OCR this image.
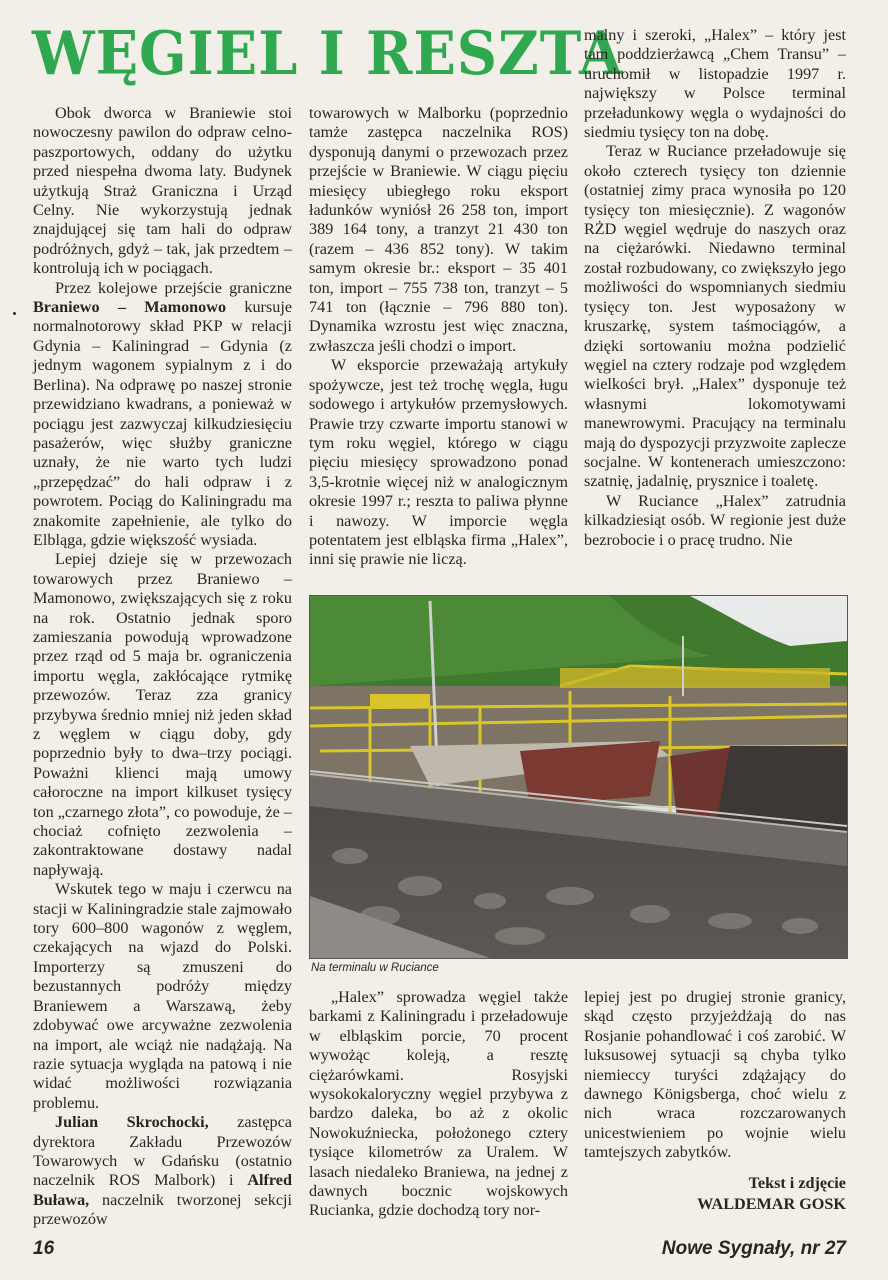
WĘGIEL I RESZTA

Obok dworca w Braniewie stoi nowoczesny pawilon do odpraw celno-paszportowych, oddany do użytku przed niespełna dwoma laty. Budynek użytkują Straż Graniczna i Urząd Celny. Nie wykorzystują jednak znajdującej się tam hali do odpraw podróżnych, gdyż – tak, jak przedtem – kontrolują ich w pociągach.

Przez kolejowe przejście graniczne Braniewo – Mamonowo kursuje normalnotorowy skład PKP w relacji Gdynia – Kaliningrad – Gdynia (z jednym wagonem sypialnym z i do Berlina). Na odprawę po naszej stronie przewidziano kwadrans, a ponieważ w pociągu jest zazwyczaj kilkudziesięciu pasażerów, więc służby graniczne uznały, że nie warto tych ludzi „przepędzać” do hali odpraw i z powrotem. Pociąg do Kaliningradu ma znakomite zapełnienie, ale tylko do Elbląga, gdzie większość wysiada.

Lepiej dzieje się w przewozach towarowych przez Braniewo – Mamonowo, zwiększających się z roku na rok. Ostatnio jednak sporo zamieszania powodują wprowadzone przez rząd od 5 maja br. ograniczenia importu węgla, zakłócające rytmikę przewozów. Teraz zza granicy przybywa średnio mniej niż jeden skład z węglem w ciągu doby, gdy poprzednio były to dwa–trzy pociągi. Poważni klienci mają umowy całoroczne na import kilkuset tysięcy ton „czarnego złota”, co powoduje, że – chociaż cofnięto zezwolenia – zakontraktowane dostawy nadal napływają.

Wskutek tego w maju i czerwcu na stacji w Kaliningradzie stale zajmowało tory 600–800 wagonów z węglem, czekających na wjazd do Polski. Importerzy są zmuszeni do bezustannych podróży między Braniewem a Warszawą, żeby zdobywać owe arcyważne zezwolenia na import, ale wciąż nie nadążają. Na razie sytuacja wygląda na patową i nie widać możliwości rozwiązania problemu.

Julian Skrochocki, zastępca dyrektora Zakładu Przewozów Towarowych w Gdańsku (ostatnio naczelnik ROS Malbork) i Alfred Buława, naczelnik tworzonej sekcji przewozów

towarowych w Malborku (poprzednio tamże zastępca naczelnika ROS) dysponują danymi o przewozach przez przejście w Braniewie. W ciągu pięciu miesięcy ubiegłego roku eksport ładunków wyniósł 26 258 ton, import 389 164 tony, a tranzyt 21 430 ton (razem – 436 852 tony). W takim samym okresie br.: eksport – 35 401 ton, import – 755 738 ton, tranzyt – 5 741 ton (łącznie – 796 880 ton). Dynamika wzrostu jest więc znaczna, zwłaszcza jeśli chodzi o import.

W eksporcie przeważają artykuły spożywcze, jest też trochę węgla, ługu sodowego i artykułów przemysłowych. Prawie trzy czwarte importu stanowi w tym roku węgiel, którego w ciągu pięciu miesięcy sprowadzono ponad 3,5-krotnie więcej niż w analogicznym okresie 1997 r.; reszta to paliwa płynne i nawozy. W imporcie węgla potentatem jest elbląska firma „Halex”, inni się prawie nie liczą.

malny i szeroki, „Halex” – który jest tam poddzierżawcą „Chem Transu” – uruchomił w listopadzie 1997 r. największy w Polsce terminal przeładunkowy węgla o wydajności do siedmiu tysięcy ton na dobę.

Teraz w Ruciance przeładowuje się około czterech tysięcy ton dziennie (ostatniej zimy praca wynosiła po 120 tysięcy ton miesięcznie). Z wagonów RŻD węgiel wędruje do naszych oraz na ciężarówki. Niedawno terminal został rozbudowany, co zwiększyło jego możliwości do wspomnianych siedmiu tysięcy ton. Jest wyposażony w kruszarkę, system taśmociągów, a dzięki sortowaniu można podzielić węgiel na cztery rodzaje pod względem wielkości brył. „Halex” dysponuje też własnymi lokomotywami manewrowymi. Pracujący na terminalu mają do dyspozycji przyzwoite zaplecze socjalne. W kontenerach umieszczono: szatnię, jadalnię, prysznice i toaletę.

W Ruciance „Halex” zatrudnia kilkadziesiąt osób. W regionie jest duże bezrobocie i o pracę trudno. Nie

Na terminalu w Ruciance

„Halex” sprowadza węgiel także barkami z Kaliningradu i przeładowuje w elbląskim porcie, 70 procent wywożąc koleją, a resztę ciężarówkami. Rosyjski wysokokaloryczny węgiel przybywa z bardzo daleka, bo aż z okolic Nowokuźniecka, położonego cztery tysiące kilometrów za Uralem. W lasach niedaleko Braniewa, na jednej z dawnych bocznic wojskowych Rucianka, gdzie dochodzą tory nor-

lepiej jest po drugiej stronie granicy, skąd często przyjeżdżają do nas Rosjanie pohandlować i coś zarobić. W luksusowej sytuacji są chyba tylko niemieccy turyści zdążający do dawnego Königsberga, choć wielu z nich wraca rozczarowanych unicestwieniem po wojnie wielu tamtejszych zabytków.

Tekst i zdjęcie
WALDEMAR GOSK
16	Nowe Sygnały, nr 27
